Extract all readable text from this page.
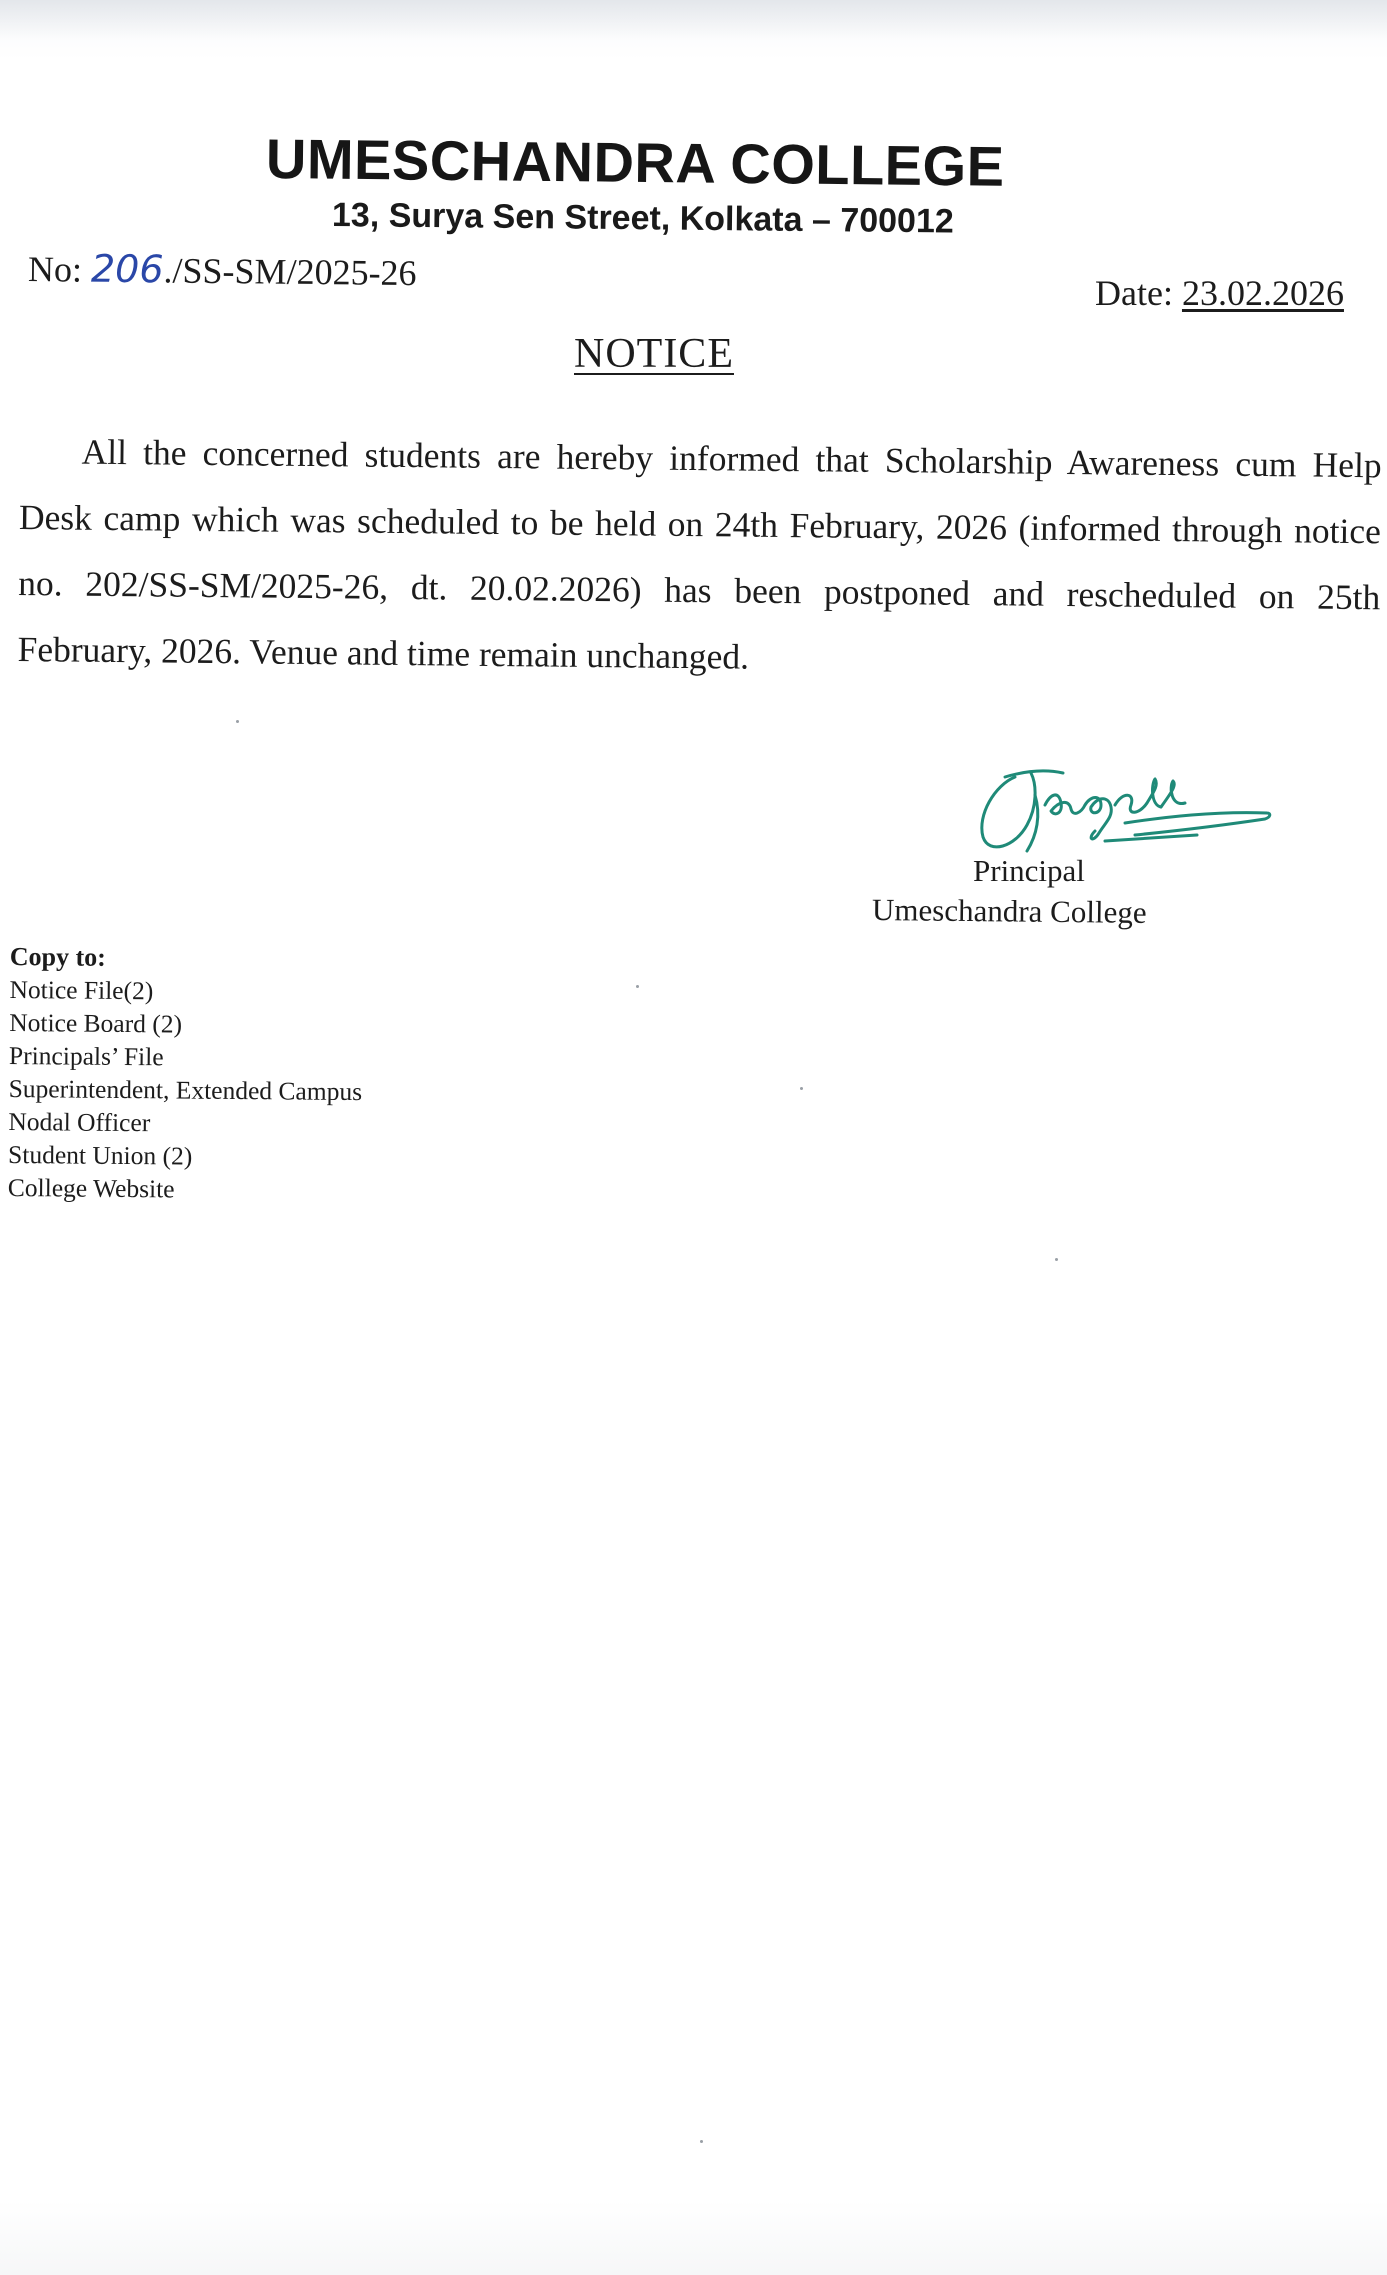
UMESCHANDRA COLLEGE
13, Surya Sen Street, Kolkata – 700012
No: 206./SS-SM/2025-26	Date: 23.02.2026
NOTICE
All the concerned students are hereby informed that Scholarship Awareness cum Help Desk camp which was scheduled to be held on 24th February, 2026 (informed through notice no. 202/SS-SM/2025-26, dt. 20.02.2026) has been postponed and rescheduled on 25th February, 2026. Venue and time remain unchanged.
Principal
Umeschandra College
Copy to:
Notice File(2)
Notice Board (2)
Principals’ File
Superintendent, Extended Campus
Nodal Officer
Student Union (2)
College Website
